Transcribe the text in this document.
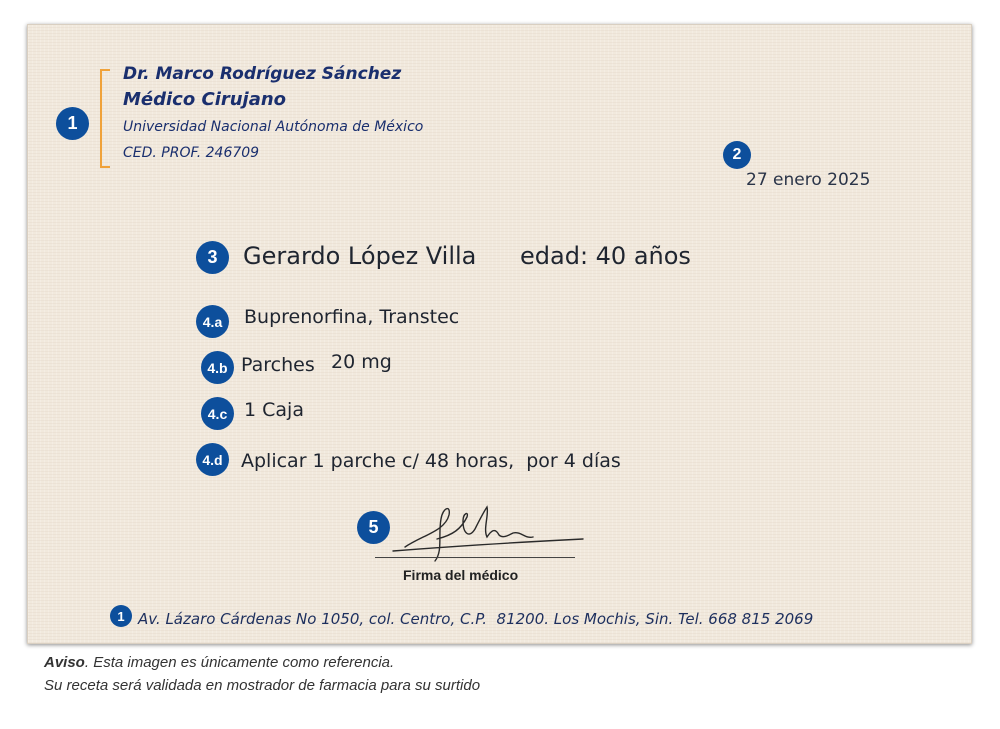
1
Dr. Marco Rodríguez Sánchez
Médico Cirujano
Universidad Nacional Autónoma de México
CED. PROF. 246709	2
27 enero 2025
3	Gerardo López Villa edad: 40 años
4.a	Buprenorfina, Transtec
4.b Parches 20 mg
4.c 1 Caja
4.d Aplicar 1 parche c/ 48 horas,  por 4 días
5
Firma del médico
1 Av. Lázaro Cárdenas No 1050, col. Centro, C.P.  81200. Los Mochis, Sin. Tel. 668 815 2069
Aviso. Esta imagen es únicamente como referencia.
Su receta será validada en mostrador de farmacia para su surtido
